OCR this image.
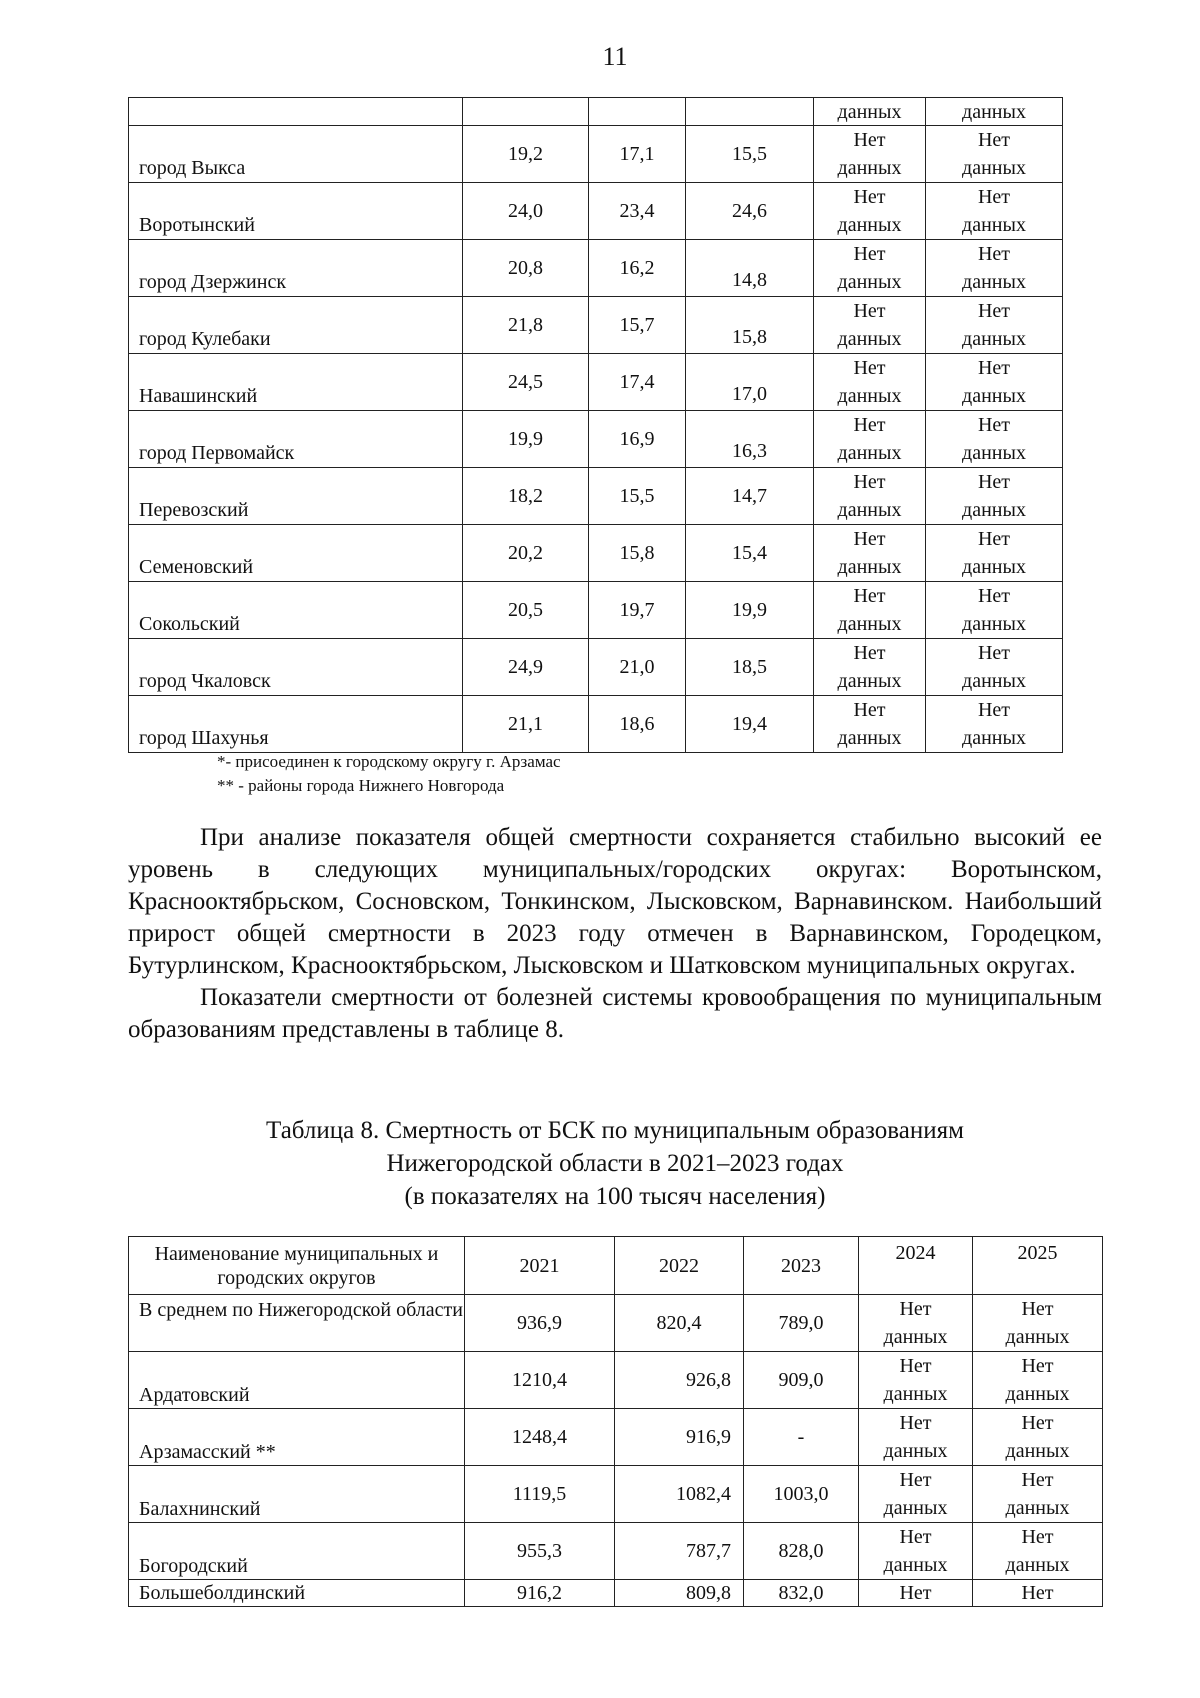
11
				данных	данных
город Выкса	19,2	17,1	15,5	Нет данных	Нет данных
Воротынский	24,0	23,4	24,6	Нет данных	Нет данных
город Дзержинск	20,8	16,2	14,8	Нет данных	Нет данных
город Кулебаки	21,8	15,7	15,8	Нет данных	Нет данных
Навашинский	24,5	17,4	17,0	Нет данных	Нет данных
город Первомайск	19,9	16,9	16,3	Нет данных	Нет данных
Перевозский	18,2	15,5	14,7	Нет данных	Нет данных
Семеновский	20,2	15,8	15,4	Нет данных	Нет данных
Сокольский	20,5	19,7	19,9	Нет данных	Нет данных
город Чкаловск	24,9	21,0	18,5	Нет данных	Нет данных
город Шахунья	21,1	18,6	19,4	Нет данных	Нет данных
*- присоединен к городскому округу г. Арзамас
** - районы города Нижнего Новгорода

При анализе показателя общей смертности сохраняется стабильно высокий ее уровень в следующих муниципальных/городских округах: Воротынском, Краснооктябрьском, Сосновском, Тонкинском, Лысковском, Варнавинском. Наибольший прирост общей смертности в 2023 году отмечен в Варнавинском, Городецком, Бутурлинском, Краснооктябрьском, Лысковском и Шатковском муниципальных округах.

Показатели смертности от болезней системы кровообращения по муниципальным образованиям представлены в таблице 8.

Таблица 8. Смертность от БСК по муниципальным образованиям
Нижегородской области в 2021–2023 годах
(в показателях на 100 тысяч населения)
Наименование муниципальных и городских округов	2021	2022	2023	2024	2025
В среднем по Нижегородской области	936,9	820,4	789,0	Нет данных	Нет данных
Ардатовский	1210,4	926,8	909,0	Нет данных	Нет данных
Арзамасский **	1248,4	916,9	-	Нет данных	Нет данных
Балахнинский	1119,5	1082,4	1003,0	Нет данных	Нет данных
Богородский	955,3	787,7	828,0	Нет данных	Нет данных
Большеболдинский	916,2	809,8	832,0	Нет	Нет
